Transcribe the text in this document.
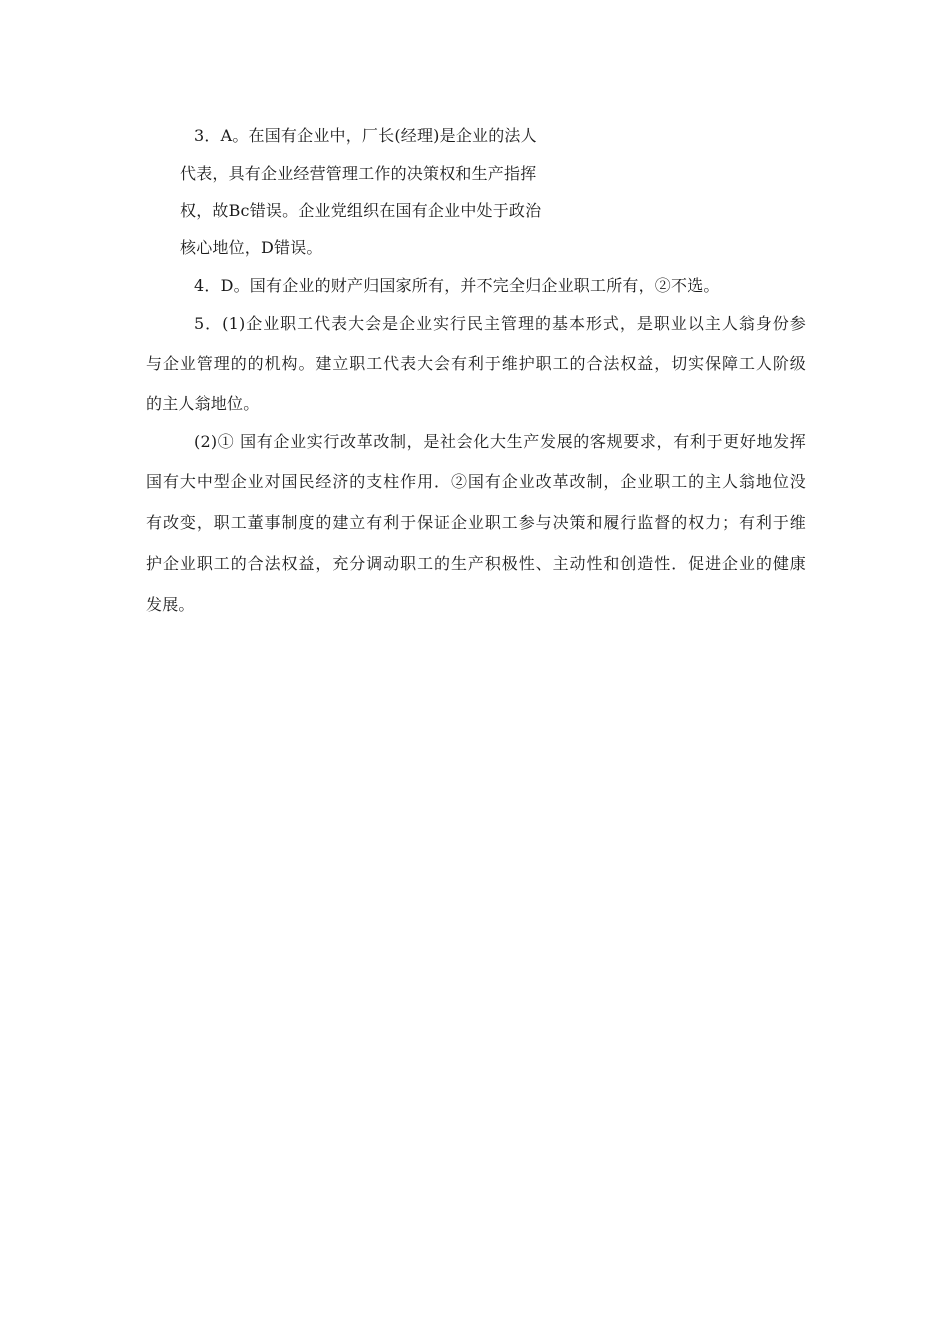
3．A。在国有企业中，厂长(经理)是企业的法人
代表，具有企业经营管理工作的决策权和生产指挥
权，故Bc错误。企业党组织在国有企业中处于政治
核心地位，D错误。
4．D。国有企业的财产归国家所有，并不完全归企业职工所有，②不选。
5．(1)企业职工代表大会是企业实行民主管理的基本形式，是职业以主人翁身份参
与企业管理的的机构。建立职工代表大会有利于维护职工的合法权益，切实保障工人阶级
的主人翁地位。
(2)① 国有企业实行改革改制，是社会化大生产发展的客规要求，有利于更好地发挥
国有大中型企业对国民经济的支柱作用．②国有企业改革改制，企业职工的主人翁地位没
有改变，职工董事制度的建立有利于保证企业职工参与决策和履行监督的权力；有利于维
护企业职工的合法权益，充分调动职工的生产积极性、主动性和创造性．促进企业的健康
发展。
